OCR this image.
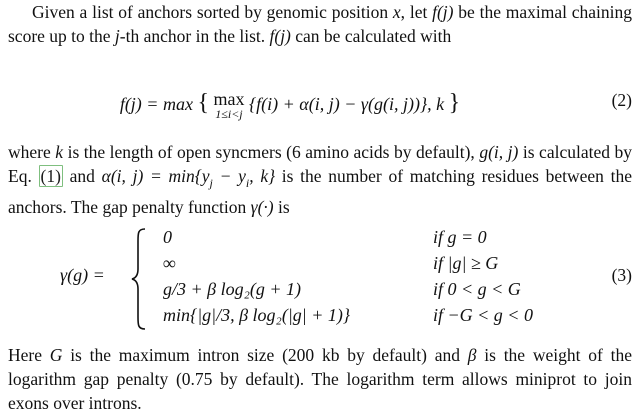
Given a list of anchors sorted by genomic position x, let f(j) be the maximal chaining score up to the j-th anchor in the list. f(j) can be calculated with

f(j) = max { max
1≤i<j {f(i) + α(i, j) − γ(g(i, j))}, k }	(2)

where k is the length of open syncmers (6 amino acids by default), g(i, j) is calculated by Eq. (1) and α(i, $j) = \min\{y_j - y_i$, k} is the number of matching residues between the anchors. The gap penalty function γ(·) is

γ(g) =
0	if g = 0
∞	if |g| ≥ G
g/3 + β log₂(g + 1)	if 0 < g < G
min{|g|/3, β log₂(|g| + 1)}	if −G < g < 0
(3)

Here G is the maximum intron size (200 kb by default) and β is the weight of the logarithm gap penalty (0.75 by default). The logarithm term allows miniprot to join exons over introns.
